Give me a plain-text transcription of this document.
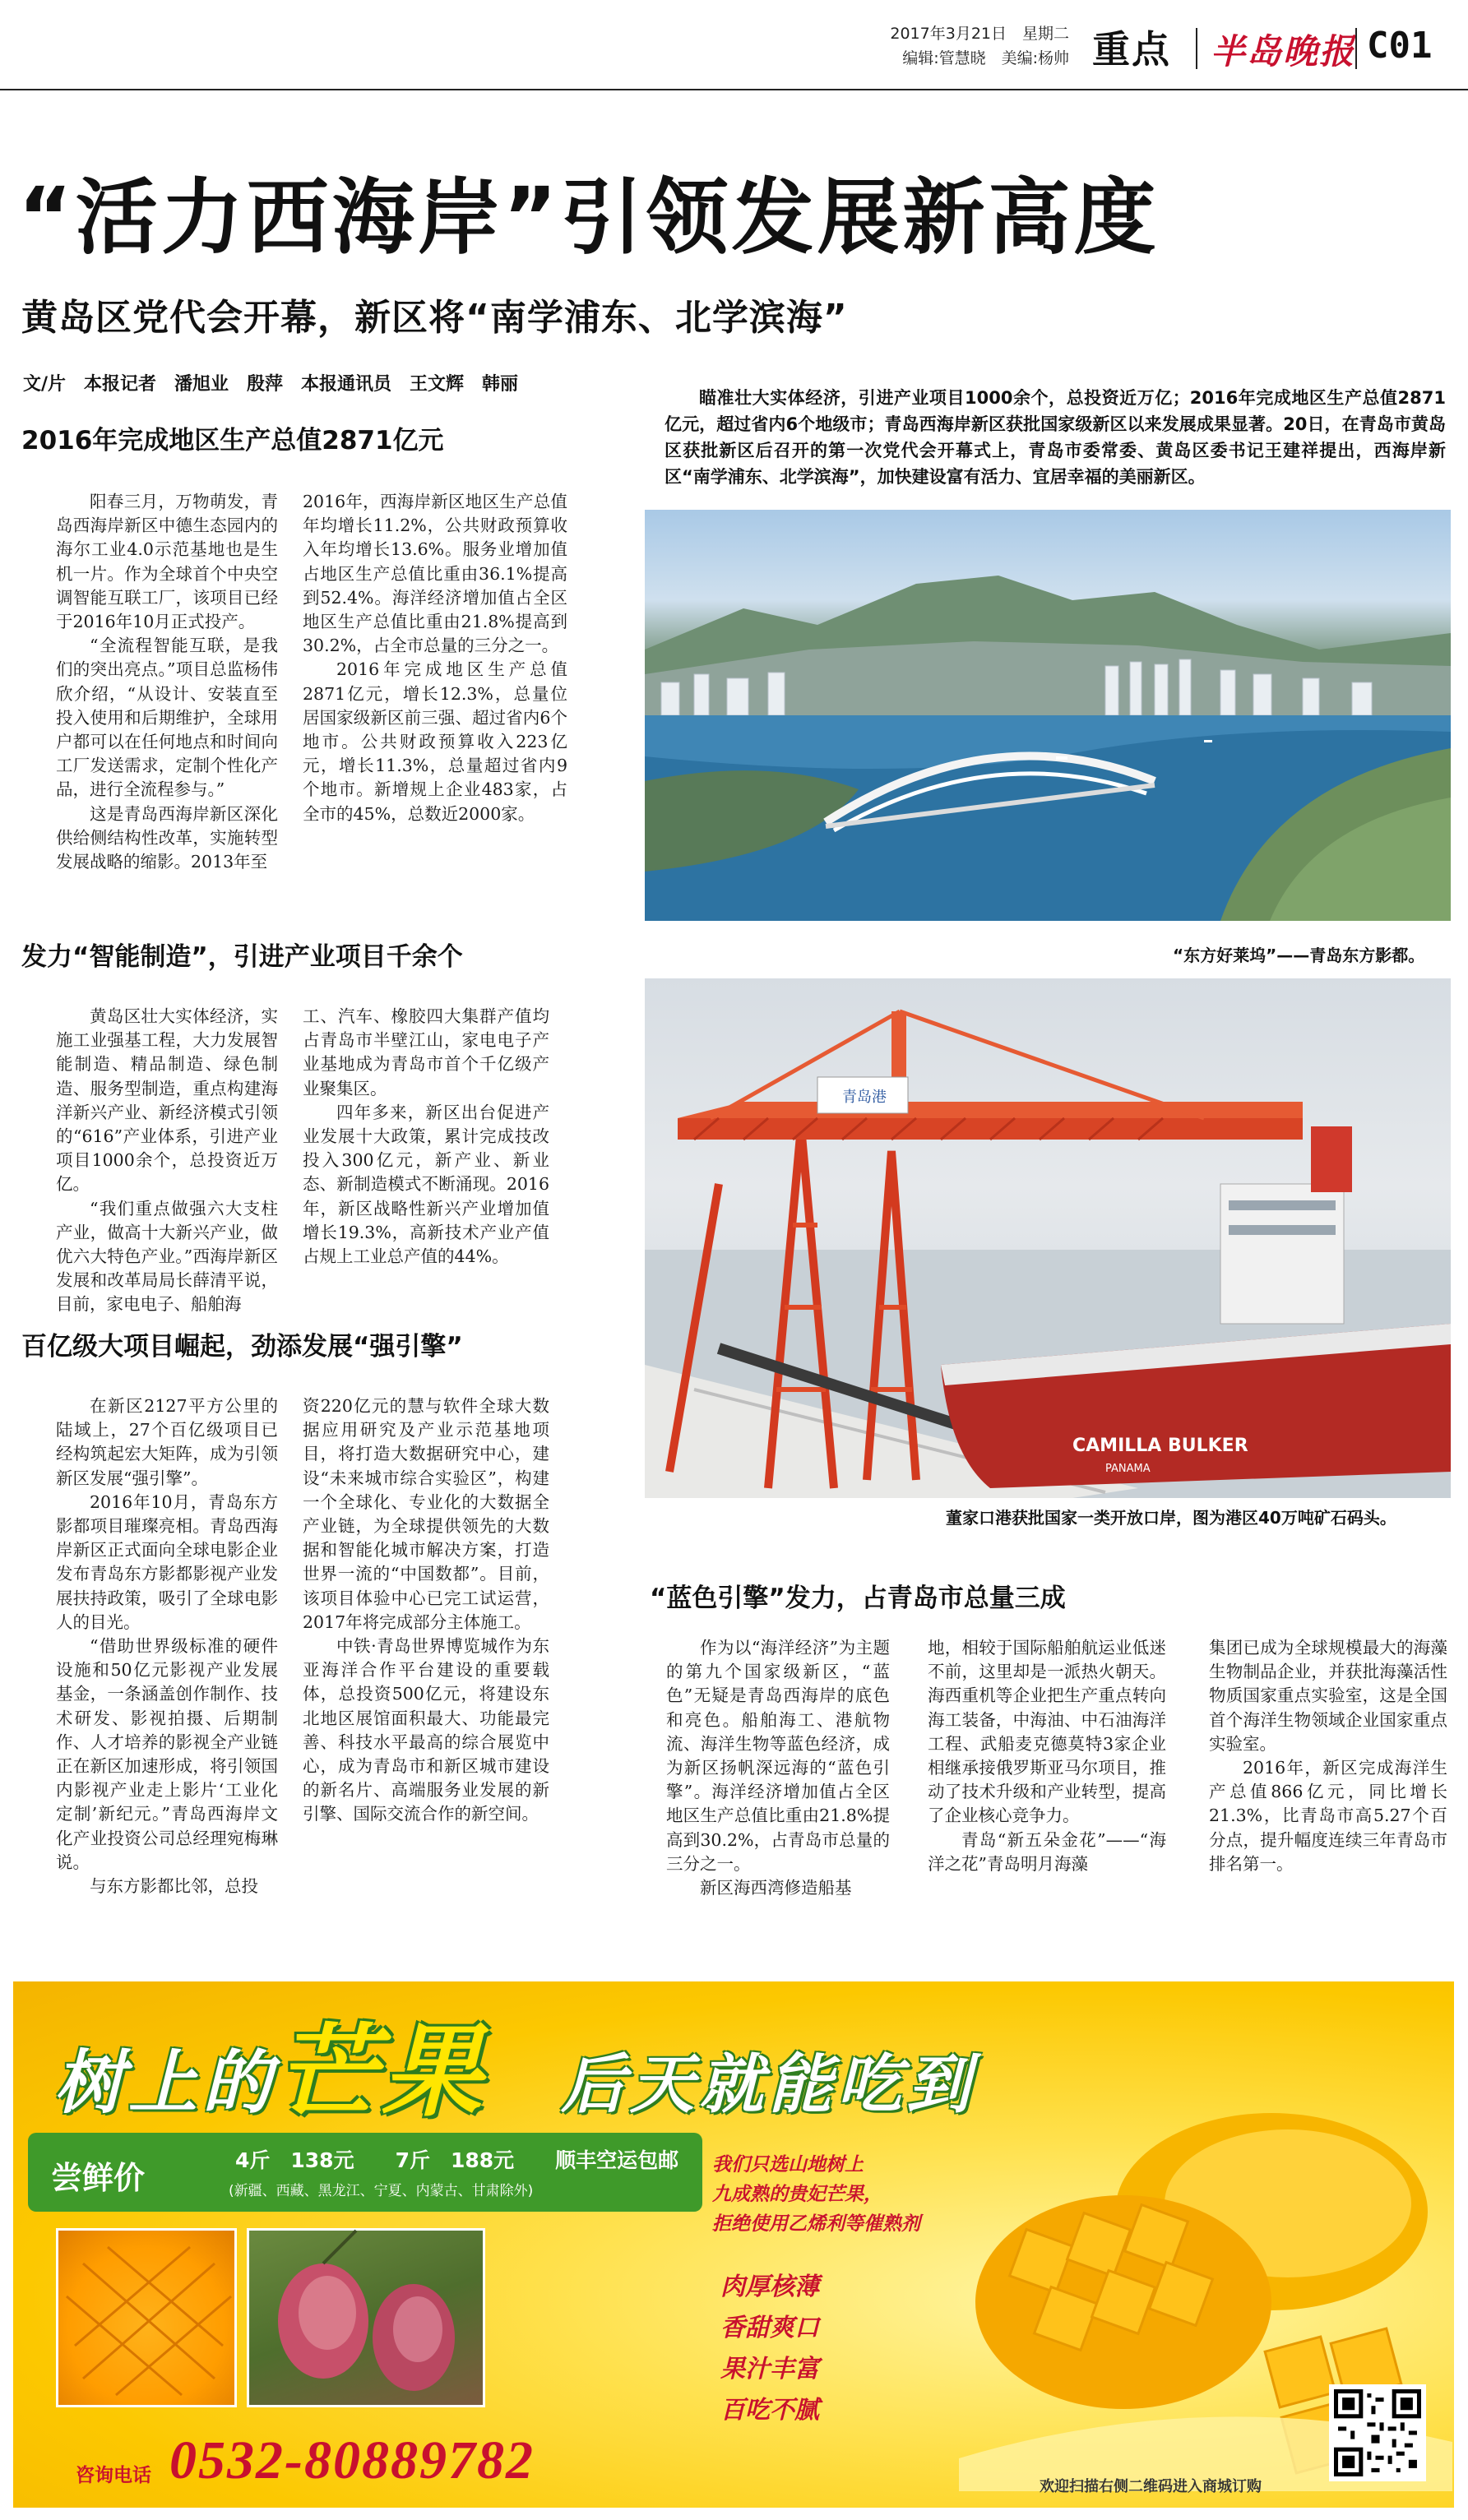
2017年3月21日　星期二
编辑:管慧晓　美编:杨帅 重点 半岛晚报 C01
“活力西海岸”引领发展新高度
黄岛区党代会开幕，新区将“南学浦东、北学滨海”
文/片　本报记者　潘旭业　殷萍　本报通讯员　王文辉　韩丽
2016年完成地区生产总值2871亿元

阳春三月，万物萌发，青岛西海岸新区中德生态园内的海尔工业4.0示范基地也是生机一片。作为全球首个中央空调智能互联工厂，该项目已经于2016年10月正式投产。

“全流程智能互联，是我们的突出亮点。”项目总监杨伟欣介绍，“从设计、安装直至投入使用和后期维护，全球用户都可以在任何地点和时间向工厂发送需求，定制个性化产品，进行全流程参与。”

这是青岛西海岸新区深化供给侧结构性改革，实施转型发展战略的缩影。2013年至

2016年，西海岸新区地区生产总值年均增长11.2%，公共财政预算收入年均增长13.6%。服务业增加值占地区生产总值比重由36.1%提高到52.4%。海洋经济增加值占全区地区生产总值比重由21.8%提高到30.2%，占全市总量的三分之一。

2016年完成地区生产总值2871亿元，增长12.3%，总量位居国家级新区前三强、超过省内6个地市。公共财政预算收入223亿元，增长11.3%，总量超过省内9个地市。新增规上企业483家，占全市的45%，总数近2000家。

发力“智能制造”，引进产业项目千余个

黄岛区壮大实体经济，实施工业强基工程，大力发展智能制造、精品制造、绿色制造、服务型制造，重点构建海洋新兴产业、新经济模式引领的“616”产业体系，引进产业项目1000余个，总投资近万亿。

“我们重点做强六大支柱产业，做高十大新兴产业，做优六大特色产业。”西海岸新区发展和改革局局长薛清平说，目前，家电电子、船舶海

工、汽车、橡胶四大集群产值均占青岛市半壁江山，家电电子产业基地成为青岛市首个千亿级产业聚集区。

四年多来，新区出台促进产业发展十大政策，累计完成技改投入300亿元，新产业、新业态、新制造模式不断涌现。2016年，新区战略性新兴产业增加值增长19.3%，高新技术产业产值占规上工业总产值的44%。

百亿级大项目崛起，劲添发展“强引擎”

在新区2127平方公里的陆域上，27个百亿级项目已经构筑起宏大矩阵，成为引领新区发展“强引擎”。

2016年10月，青岛东方影都项目璀璨亮相。青岛西海岸新区正式面向全球电影企业发布青岛东方影都影视产业发展扶持政策，吸引了全球电影人的目光。

“借助世界级标准的硬件设施和50亿元影视产业发展基金，一条涵盖创作制作、技术研发、影视拍摄、后期制作、人才培养的影视全产业链正在新区加速形成，将引领国内影视产业走上影片‘工业化定制’新纪元。”青岛西海岸文化产业投资公司总经理宛梅琳说。

与东方影都比邻，总投

资220亿元的慧与软件全球大数据应用研究及产业示范基地项目，将打造大数据研究中心，建设“未来城市综合实验区”，构建一个全球化、专业化的大数据全产业链，为全球提供领先的大数据和智能化城市解决方案，打造世界一流的“中国数都”。目前，该项目体验中心已完工试运营，2017年将完成部分主体施工。

中铁·青岛世界博览城作为东亚海洋合作平台建设的重要载体，总投资500亿元，将建设东北地区展馆面积最大、功能最完善、科技水平最高的综合展览中心，成为青岛市和新区城市建设的新名片、高端服务业发展的新引擎、国际交流合作的新空间。

瞄准壮大实体经济，引进产业项目1000余个，总投资近万亿；2016年完成地区生产总值2871亿元，超过省内6个地级市；青岛西海岸新区获批国家级新区以来发展成果显著。20日，在青岛市黄岛区获批新区后召开的第一次党代会开幕式上，青岛市委常委、黄岛区委书记王建祥提出，西海岸新区“南学浦东、北学滨海”，加快建设富有活力、宜居幸福的美丽新区。
“东方好莱坞”——青岛东方影都。
青岛港
CAMILLA BULKER
PANAMA
董家口港获批国家一类开放口岸，图为港区40万吨矿石码头。
“蓝色引擎”发力，占青岛市总量三成

作为以“海洋经济”为主题的第九个国家级新区，“蓝色”无疑是青岛西海岸的底色和亮色。船舶海工、港航物流、海洋生物等蓝色经济，成为新区扬帆深远海的“蓝色引擎”。海洋经济增加值占全区地区生产总值比重由21.8%提高到30.2%，占青岛市总量的三分之一。

新区海西湾修造船基

地，相较于国际船舶航运业低迷不前，这里却是一派热火朝天。海西重机等企业把生产重点转向海工装备，中海油、中石油海洋工程、武船麦克德莫特3家企业相继承接俄罗斯亚马尔项目，推动了技术升级和产业转型，提高了企业核心竞争力。

青岛“新五朵金花”——“海洋之花”青岛明月海藻

集团已成为全球规模最大的海藻生物制品企业，并获批海藻活性物质国家重点实验室，这是全国首个海洋生物领域企业国家重点实验室。

2016年，新区完成海洋生产总值866亿元，同比增长21.3%，比青岛市高5.27个百分点，提升幅度连续三年青岛市排名第一。

树上的芒果　 后天就能吃到
尝鲜价	4斤　138元　　7斤　188元　　顺丰空运包邮
(新疆、西藏、黑龙江、宁夏、内蒙古、甘肃除外)
我们只选山地树上
九成熟的贵妃芒果，
拒绝使用乙烯利等催熟剂
肉厚核薄
香甜爽口
果汁丰富
百吃不腻
咨询电话 0532-80889782	欢迎扫描右侧二维码进入商城订购
